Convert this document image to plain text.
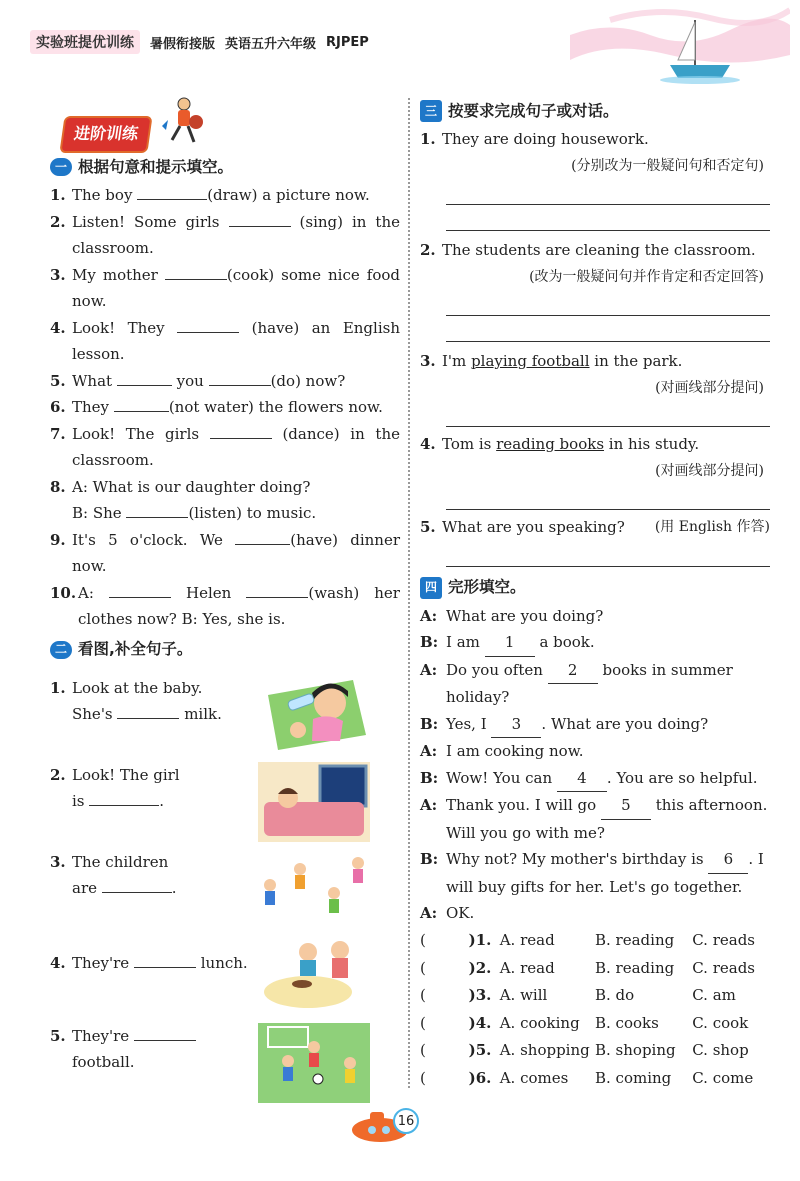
实验班提优训练	暑假衔接版 英语五升六年级 RJPEP
进阶训练
一 根据句意和提示填空。
1. The boy	(draw) a picture now.
2. Listen! Some girls	(sing) in the classroom.
3. My mother	(cook) some nice food now.
4. Look! They	(have) an English lesson.
5. What	you	(do) now?
6. They	(not water) the flowers now.
7. Look! The girls	(dance) in the classroom.
8. A: What is our daughter doing?
B: She	(listen) to music.
9. It's 5 o'clock. We	(have) dinner now.
10. A:	Helen	(wash) her clothes now? B: Yes, she is.
二 看图,补全句子。
1. Look at the baby.
She's	milk.
2. Look! The girl
is	.
3. The children
are	.
4. They're	lunch.
5. They're
football.
三 按要求完成句子或对话。
1. They are doing housework.
(分别改为一般疑问句和否定句)
2. The students are cleaning the classroom.
(改为一般疑问句并作肯定和否定回答)
3. I'm playing football in the park.
(对画线部分提问)
4. Tom is reading books in his study.
(对画线部分提问)
5. What are you speaking? (用 English 作答)
四 完形填空。
A: What are you doing?
B: I am 1 a book.
A: Do you often 2 books in summer
holiday?
B: Yes, I 3 . What are you doing?
A: I am cooking now.
B: Wow! You can 4 . You are so helpful.
A: Thank you. I will go 5 this afternoon.
Will you go with me?
B: Why not? My mother's birthday is 6 . I
will buy gifts for her. Let's go together.
A: OK.
(	)1. A. read	B. reading	C. reads
(	)2. A. read	B. reading	C. reads
(	)3. A. will	B. do	C. am
(	)4. A. cooking	B. cooks	C. cook
(	)5. A. shopping B. shoping	C. shop
(	)6. A. comes	B. coming	C. come
16
